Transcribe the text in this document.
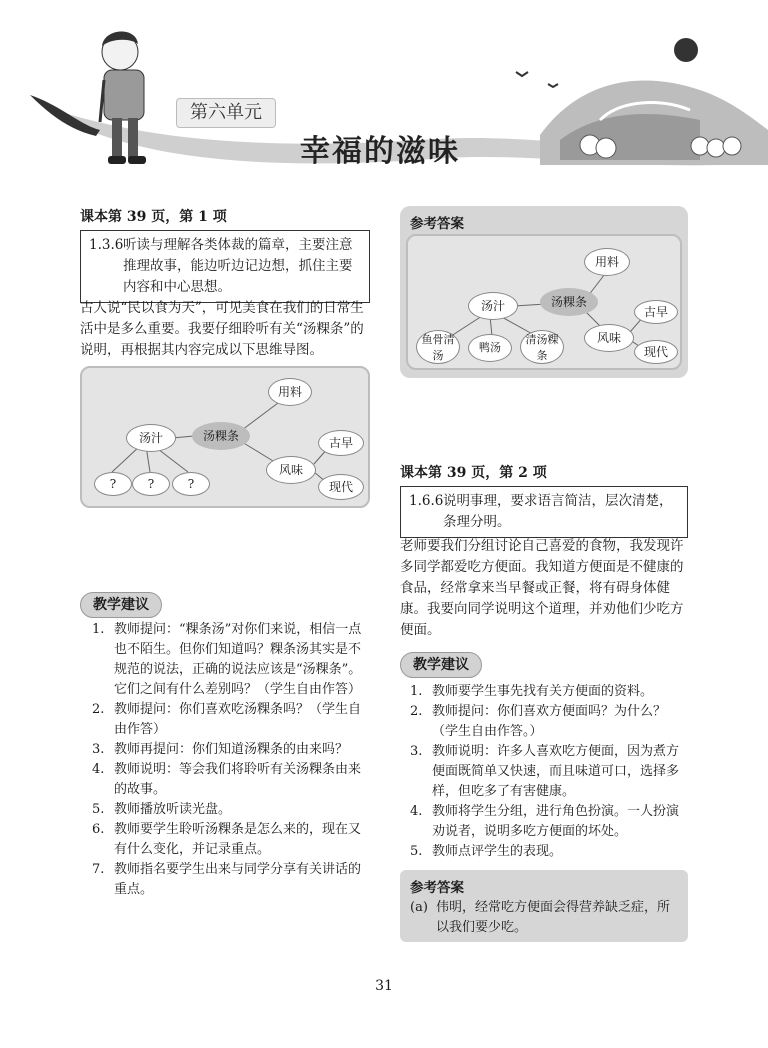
第六单元
幸福的滋味
课本第 39 页，第 1 项
1.3.6 听读与理解各类体裁的篇章，主要注意推理故事，能边听边记边想，抓住主要内容和中心思想。
古人说“民以食为天”，可见美食在我们的日常生活中是多么重要。我要仔细聆听有关“汤粿条”的说明，再根据其内容完成以下思维导图。
用料
汤汁	汤粿条	古早
风味
现代
?	?	?
教学建议
1. 教师提问：“粿条汤”对你们来说，相信一点也不陌生。但你们知道吗？粿条汤其实是不规范的说法，正确的说法应该是“汤粿条”。它们之间有什么差别吗？（学生自由作答）
2. 教师提问：你们喜欢吃汤粿条吗？（学生自由作答）
3. 教师再提问：你们知道汤粿条的由来吗？
4. 教师说明：等会我们将聆听有关汤粿条由来的故事。
5. 教师播放听读光盘。
6. 教师要学生聆听汤粿条是怎么来的，现在又有什么变化，并记录重点。
7. 教师指名要学生出来与同学分享有关讲话的重点。
参考答案
用料
汤汁	汤粿条
古早
风味
现代
鱼骨清汤
鸭汤
清汤粿条
课本第 39 页，第 2 项
1.6.6 说明事理，要求语言简洁，层次清楚，条理分明。
老师要我们分组讨论自己喜爱的食物，我发现许多同学都爱吃方便面。我知道方便面是不健康的食品，经常拿来当早餐或正餐，将有碍身体健康。我要向同学说明这个道理，并劝他们少吃方便面。
教学建议
1. 教师要学生事先找有关方便面的资料。
2. 教师提问：你们喜欢方便面吗？为什么？（学生自由作答。）
3. 教师说明：许多人喜欢吃方便面，因为煮方便面既简单又快速，而且味道可口，选择多样，但吃多了有害健康。
4. 教师将学生分组，进行角色扮演。一人扮演劝说者，说明多吃方便面的坏处。
5. 教师点评学生的表现。
参考答案
(a) 伟明，经常吃方便面会得营养缺乏症，所以我们要少吃。
31
